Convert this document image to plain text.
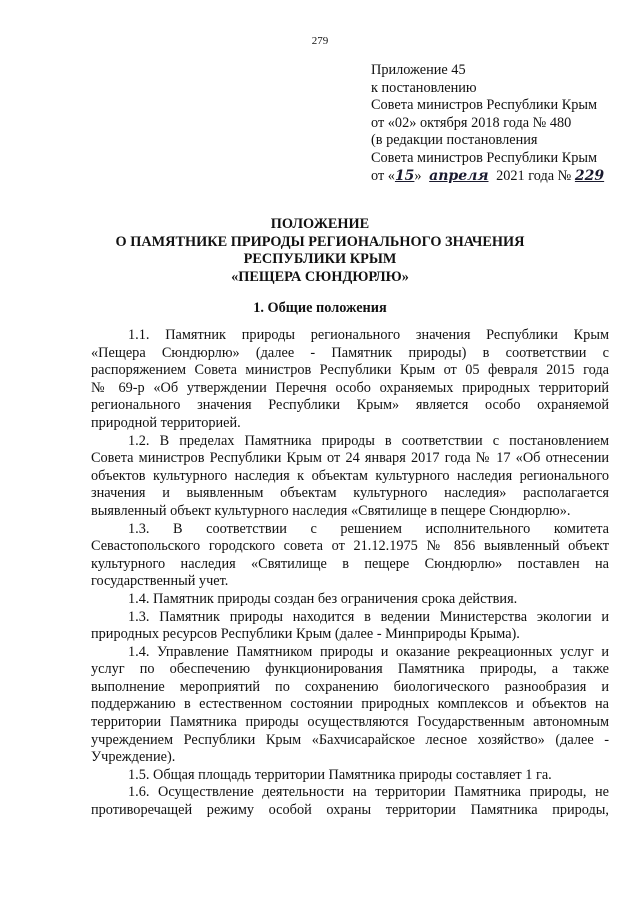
279
Приложение 45
к постановлению
Совета министров Республики Крым
от «02» октября 2018 года № 480
(в редакции постановления
Совета министров Республики Крым
от «15» апреля 2021 года № 229
ПОЛОЖЕНИЕ
О ПАМЯТНИКЕ ПРИРОДЫ РЕГИОНАЛЬНОГО ЗНАЧЕНИЯ
РЕСПУБЛИКИ КРЫМ
«ПЕЩЕРА СЮНДЮРЛЮ»
1. Общие положения
1.1. Памятник природы регионального значения Республики Крым
«Пещера Сюндюрлю» (далее - Памятник природы) в соответствии с
распоряжением Совета министров Республики Крым от 05 февраля 2015 года
№ 69-р «Об утверждении Перечня особо охраняемых природных территорий
регионального значения Республики Крым» является особо охраняемой
природной территорией.
1.2. В пределах Памятника природы в соответствии с постановлением
Совета министров Республики Крым от 24 января 2017 года № 17 «Об отнесении
объектов культурного наследия к объектам культурного наследия регионального
значения и выявленным объектам культурного наследия» располагается
выявленный объект культурного наследия «Святилище в пещере Сюндюрлю».
1.3. В соответствии с решением исполнительного комитета
Севастопольского городского совета от 21.12.1975 № 856 выявленный объект
культурного наследия «Святилище в пещере Сюндюрлю» поставлен на
государственный учет.
1.4. Памятник природы создан без ограничения срока действия.
1.3. Памятник природы находится в ведении Министерства экологии и
природных ресурсов Республики Крым (далее - Минприроды Крыма).
1.4. Управление Памятником природы и оказание рекреационных услуг и
услуг по обеспечению функционирования Памятника природы, а также
выполнение мероприятий по сохранению биологического разнообразия и
поддержанию в естественном состоянии природных комплексов и объектов на
территории Памятника природы осуществляются Государственным автономным
учреждением Республики Крым «Бахчисарайское лесное хозяйство» (далее -
Учреждение).
1.5. Общая площадь территории Памятника природы составляет 1 га.
1.6. Осуществление деятельности на территории Памятника природы, не
противоречащей режиму особой охраны территории Памятника природы,
